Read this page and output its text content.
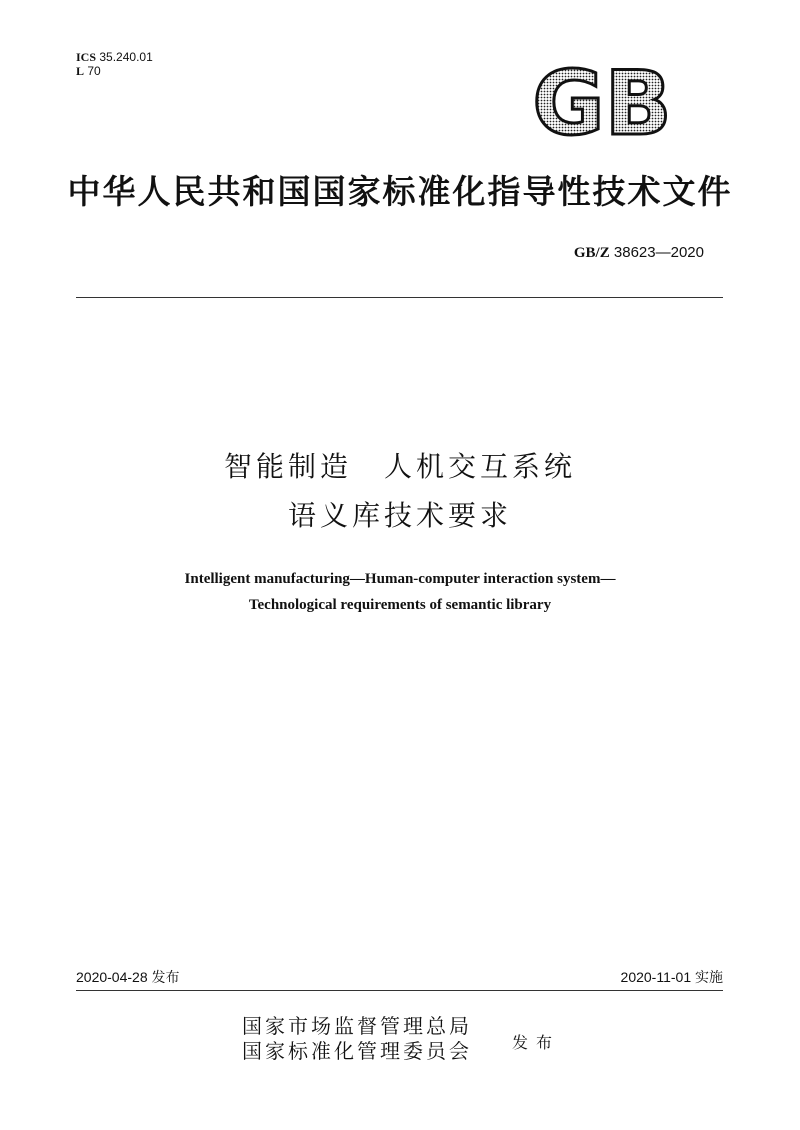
ICS 35.240.01
L 70	GB
中华人民共和国国家标准化指导性技术文件
GB/Z 38623—2020
智能制造　人机交互系统
语义库技术要求
Intelligent manufacturing—Human-computer interaction system—
Technological requirements of semantic library
2020-04-28 发布	2020-11-01 实施
国家市场监督管理总局
国家标准化管理委员会	发布
